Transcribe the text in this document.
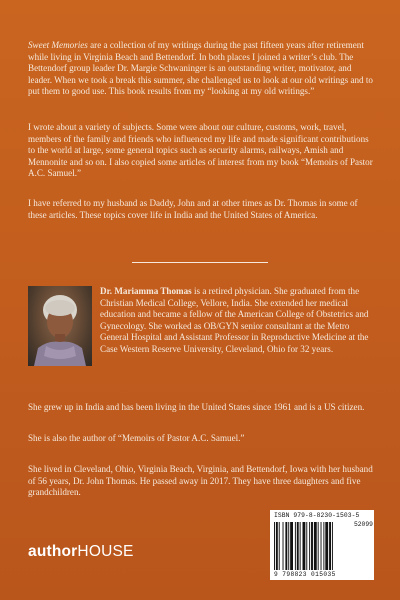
Sweet Memories are a collection of my writings during the past fifteen years after retirement while living in Virginia Beach and Bettendorf. In both places I joined a writer’s club. The Bettendorf group leader Dr. Margie Schwaninger is an outstanding writer, motivator, and leader. When we took a break this summer, she challenged us to look at our old writings and to put them to good use. This book results from my “looking at my old writings.”

I wrote about a variety of subjects. Some were about our culture, customs, work, travel, members of the family and friends who influenced my life and made significant contributions to the world at large, some general topics such as security alarms, railways, Amish and Mennonite and so on. I also copied some articles of interest from my book “Memoirs of Pastor A.C. Samuel.”

I have referred to my husband as Daddy, John and at other times as Dr. Thomas in some of these articles. These topics cover life in India and the United States of America.

Dr. Mariamma Thomas is a retired physician. She graduated from the Christian Medical College, Vellore, India. She extended her medical education and became a fellow of the American College of Obstetrics and Gynecology. She worked as OB/GYN senior consultant at the Metro General Hospital and Assistant Professor in Reproductive Medicine at the Case Western Reserve University, Cleveland, Ohio for 32 years.

She grew up in India and has been living in the United States since 1961 and is a US citizen.

She is also the author of “Memoirs of Pastor A.C. Samuel.”

She lived in Cleveland, Ohio, Virginia Beach, Virginia, and Bettendorf, Iowa with her husband of 56 years, Dr. John Thomas. He passed away in 2017. They have three daughters and five grandchildren.

authorHOUSE
ISBN 979-8-8230-1503-5
52099
9 798823 015035
